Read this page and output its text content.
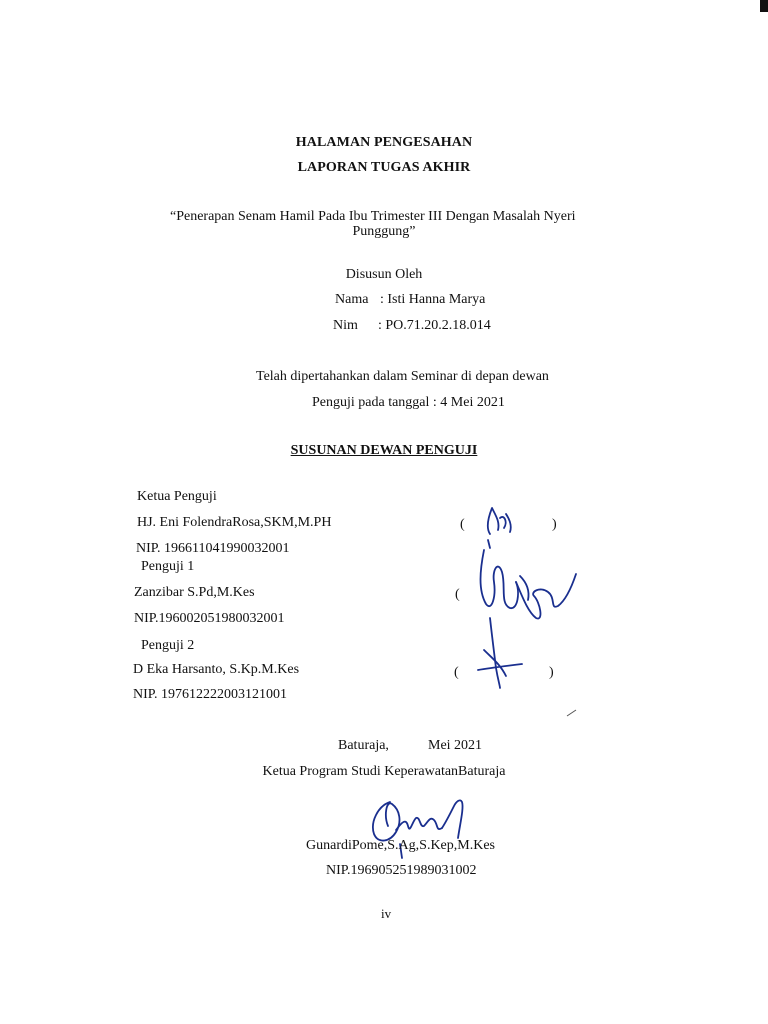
HALAMAN PENGESAHAN
LAPORAN TUGAS AKHIR
“Penerapan Senam Hamil Pada Ibu Trimester III Dengan Masalah Nyeri
Punggung”
Disusun Oleh
Nama : Isti Hanna Marya
Nim : PO.71.20.2.18.014
Telah dipertahankan dalam Seminar di depan dewan
Penguji pada tanggal : 4 Mei 2021
SUSUNAN DEWAN PENGUJI
Ketua Penguji
HJ. Eni FolendraRosa,SKM,M.PH
NIP. 196611041990032001
(	)
Penguji 1
Zanzibar S.Pd,M.Kes
NIP.196002051980032001
(
Penguji 2
D Eka Harsanto, S.Kp.M.Kes
NIP. 197612222003121001
(	)
Baturaja,	Mei 2021
Ketua Program Studi KeperawatanBaturaja
GunardiPome,S.Ag,S.Kep,M.Kes
NIP.196905251989031002
iv
